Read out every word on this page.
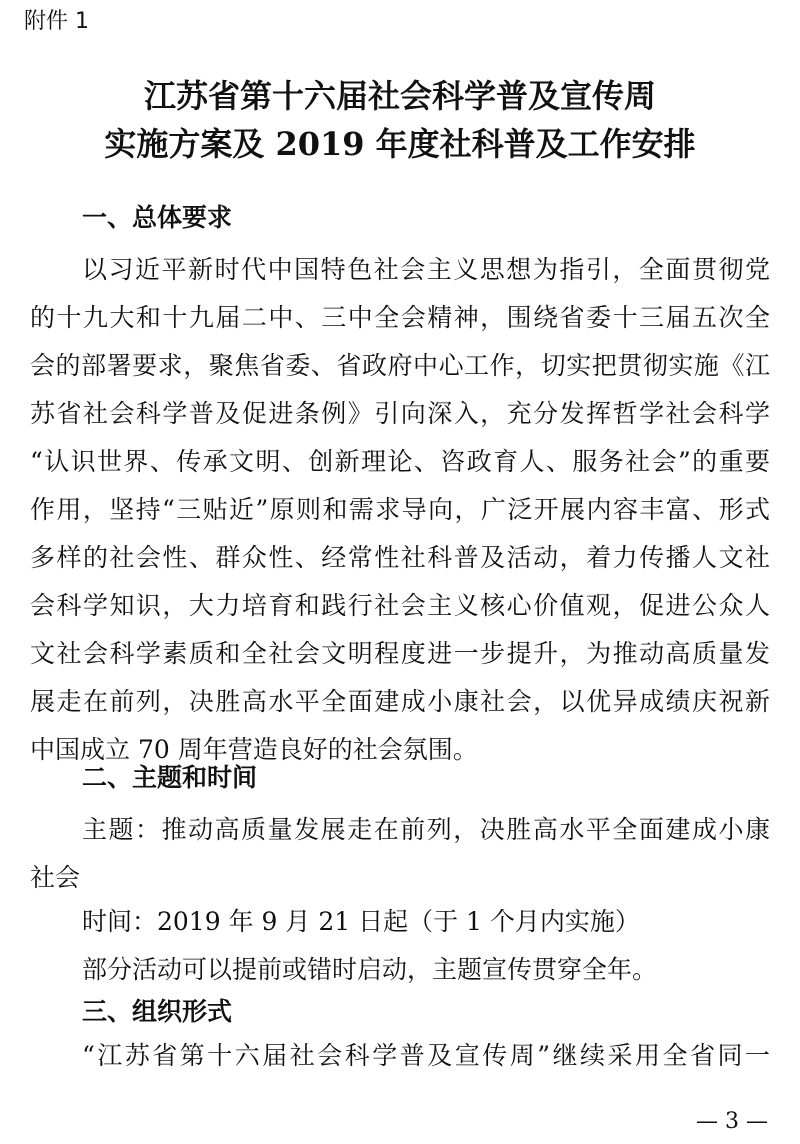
附件 1
江苏省第十六届社会科学普及宣传周
实施方案及 2019 年度社科普及工作安排
一、总体要求
以习近平新时代中国特色社会主义思想为指引，全面贯彻党
的十九大和十九届二中、三中全会精神，围绕省委十三届五次全
会的部署要求，聚焦省委、省政府中心工作，切实把贯彻实施《江
苏省社会科学普及促进条例》引向深入，充分发挥哲学社会科学
“认识世界、传承文明、创新理论、咨政育人、服务社会”的重要
作用，坚持“三贴近”原则和需求导向，广泛开展内容丰富、形式
多样的社会性、群众性、经常性社科普及活动，着力传播人文社
会科学知识，大力培育和践行社会主义核心价值观，促进公众人
文社会科学素质和全社会文明程度进一步提升，为推动高质量发
展走在前列，决胜高水平全面建成小康社会，以优异成绩庆祝新
中国成立 70 周年营造良好的社会氛围。
二、主题和时间
主题：推动高质量发展走在前列，决胜高水平全面建成小康
社会
时间：2019 年 9 月 21 日起（于 1 个月内实施）
部分活动可以提前或错时启动，主题宣传贯穿全年。
三、组织形式
“江苏省第十六届社会科学普及宣传周”继续采用全省同一
— 3 —
